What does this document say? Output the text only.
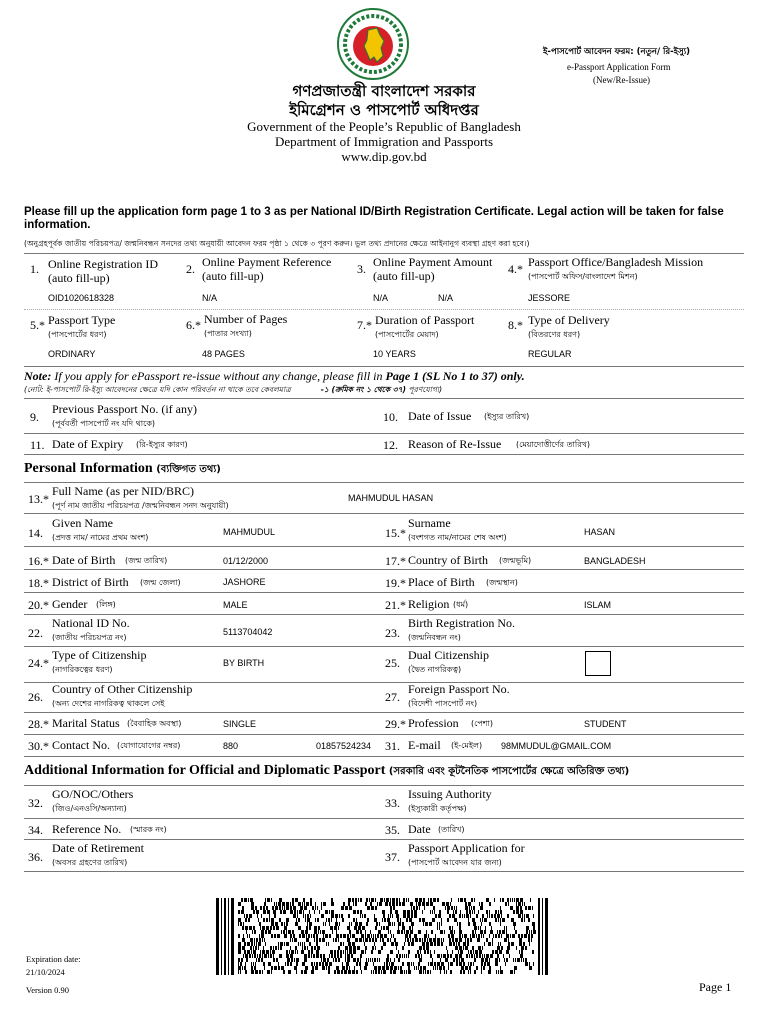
গণপ্রজাতন্ত্রী বাংলাদেশ সরকার
ইমিগ্রেশন ও পাসপোর্ট অধিদপ্তর
Government of the People’s Republic of Bangladesh
Department of Immigration and Passports
www.dip.gov.bd
ই-পাসপোর্ট আবেদন ফরম: (নতুন/ রি-ইস্যু)
e-Passport Application Form
(New/Re-Issue)
Please fill up the application form page 1 to 3 as per National ID/Birth Registration Certificate. Legal action will be taken for false information.
(অনুগ্রহপূর্বক জাতীয় পরিচয়পত্র/ জন্মনিবন্ধন সনদের তথ্য অনুযায়ী আবেদন ফরম পৃষ্ঠা ১ থেকে ৩ পূরণ করুন। ভুল তথ্য প্রদানের ক্ষেত্রে আইনানুগ ব্যবস্থা গ্রহণ করা হবে।)
1. Online Registration ID
(auto fill-up)
OID1020618328
2. Online Payment Reference
(auto fill-up)
N/A
3. Online Payment Amount
(auto fill-up)
N/A	N/A
4.* Passport Office/Bangladesh Mission
(পাসপোর্ট অফিস/বাংলাদেশ মিশন)
JESSORE
5.* Passport Type
(পাসপোর্টের ধরণ)
ORDINARY
6.* Number of Pages
(পাতার সংখ্যা)
48 PAGES
7.* Duration of Passport
(পাসপোর্টের মেয়াদ)
10 YEARS
8.* Type of Delivery
(বিতরণের ধরণ)
REGULAR
Note: If you apply for ePassport re-issue without any change, please fill in Page 1 (SL No 1 to 37) only.
(নোট: ই-পাসপোর্ট রি-ইস্যু আবেদনের ক্ষেত্রে যদি কোন পরিবর্তন না থাকে তবে কেবলমাত্র	-১ (ক্রমিক নং ১ থেকে ৩৭) পূরণযোগ্য)
9.
Previous Passport No. (if any)
(পূর্ববর্তী পাসপোর্ট নং যদি থাকে)	10. Date of Issue (ইস্যুর তারিখ)
11. Date of Expiry (রি-ইস্যুর কারণ)	12. Reason of Re-Issue (মেয়াদোত্তীর্ণের তারিখ)
Personal Information (ব্যক্তিগত তথ্য)
13.*
Full Name (as per NID/BRC)
(পূর্ণ নাম জাতীয় পরিচয়পত্র /জন্মনিবন্ধন সনদ অনুযায়ী)
MAHMUDUL HASAN
14.
Given Name
(প্রদত্ত নাম/ নামের প্রথম অংশ)
MAHMUDUL	15.*
Surname
(বংশগত নাম/নামের শেষ অংশ)
HASAN
16.* Date of Birth (জন্ম তারিখ)	01/12/2000	17.* Country of Birth (জন্মভূমি)	BANGLADESH
18.* District of Birth (জন্ম জেলা)	JASHORE	19.* Place of Birth (জন্মস্থান)
20.* Gender (লিঙ্গ)	MALE	21.* Religion (ধর্ম)	ISLAM
22.
National ID No.
(জাতীয় পরিচয়পত্র নং)
5113704042	23.
Birth Registration No.
(জন্মনিবন্ধন নং)
24.*
Type of Citizenship
(নাগরিকত্বের ধরণ)
BY BIRTH	25.
Dual Citizenship
(দ্বৈত নাগরিকত্ব)
26.
Country of Other Citizenship
(অন্য দেশের নাগরিকত্ব থাকলে সেই	27.
Foreign Passport No.
(বিদেশী পাসপোর্ট নং)
28.* Marital Status (বৈবাহিক অবস্থা)	SINGLE	29.* Profession (পেশা)	STUDENT
30.* Contact No. (যোগাযোগের নম্বর)	880	01857524234 31. E-mail (ই-মেইল) 98MMUDUL@GMAIL.COM
Additional Information for Official and Diplomatic Passport (সরকারি এবং কূটনৈতিক পাসপোর্টের ক্ষেত্রে অতিরিক্ত তথ্য)
32.
GO/NOC/Others
(জিও/এনওসি/অন্যান্য)	33.
Issuing Authority
(ইস্যুকারী কর্তৃপক্ষ)
34. Reference No. (স্মারক নং)	35. Date (তারিখ)
36.
Date of Retirement
(অবসর গ্রহণের তারিখ)	37.
Passport Application for
(পাসপোর্ট আবেদন যার জন্য)
Expiration date:
21/10/2024
Version 0.90	Page 1
